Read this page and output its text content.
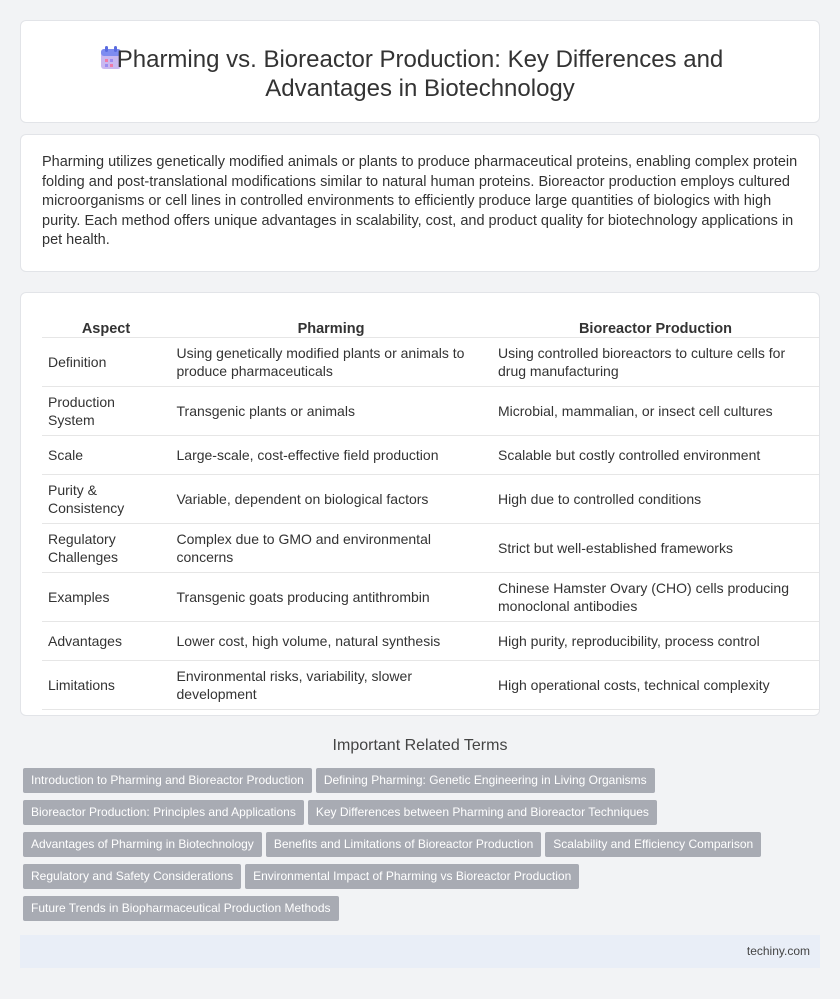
Pharming vs. Bioreactor Production: Key Differences and Advantages in Biotechnology

Pharming utilizes genetically modified animals or plants to produce pharmaceutical proteins, enabling complex protein folding and post-translational modifications similar to natural human proteins. Bioreactor production employs cultured microorganisms or cell lines in controlled environments to efficiently produce large quantities of biologics with high purity. Each method offers unique advantages in scalability, cost, and product quality for biotechnology applications in pet health.

Aspect	Pharming	Bioreactor Production
Definition	Using genetically modified plants or animals to produce pharmaceuticals	Using controlled bioreactors to culture cells for drug manufacturing
Production System	Transgenic plants or animals	Microbial, mammalian, or insect cell cultures
Scale	Large-scale, cost-effective field production	Scalable but costly controlled environment
Purity & Consistency	Variable, dependent on biological factors	High due to controlled conditions
Regulatory Challenges	Complex due to GMO and environmental concerns	Strict but well-established frameworks
Examples	Transgenic goats producing antithrombin	Chinese Hamster Ovary (CHO) cells producing monoclonal antibodies
Advantages	Lower cost, high volume, natural synthesis	High purity, reproducibility, process control
Limitations	Environmental risks, variability, slower development	High operational costs, technical complexity
Important Related Terms
Introduction to Pharming and Bioreactor Production Defining Pharming: Genetic Engineering in Living Organisms
Bioreactor Production: Principles and Applications Key Differences between Pharming and Bioreactor Techniques
Advantages of Pharming in Biotechnology Benefits and Limitations of Bioreactor Production Scalability and Efficiency Comparison
Regulatory and Safety Considerations Environmental Impact of Pharming vs Bioreactor Production
Future Trends in Biopharmaceutical Production Methods
techiny.com
